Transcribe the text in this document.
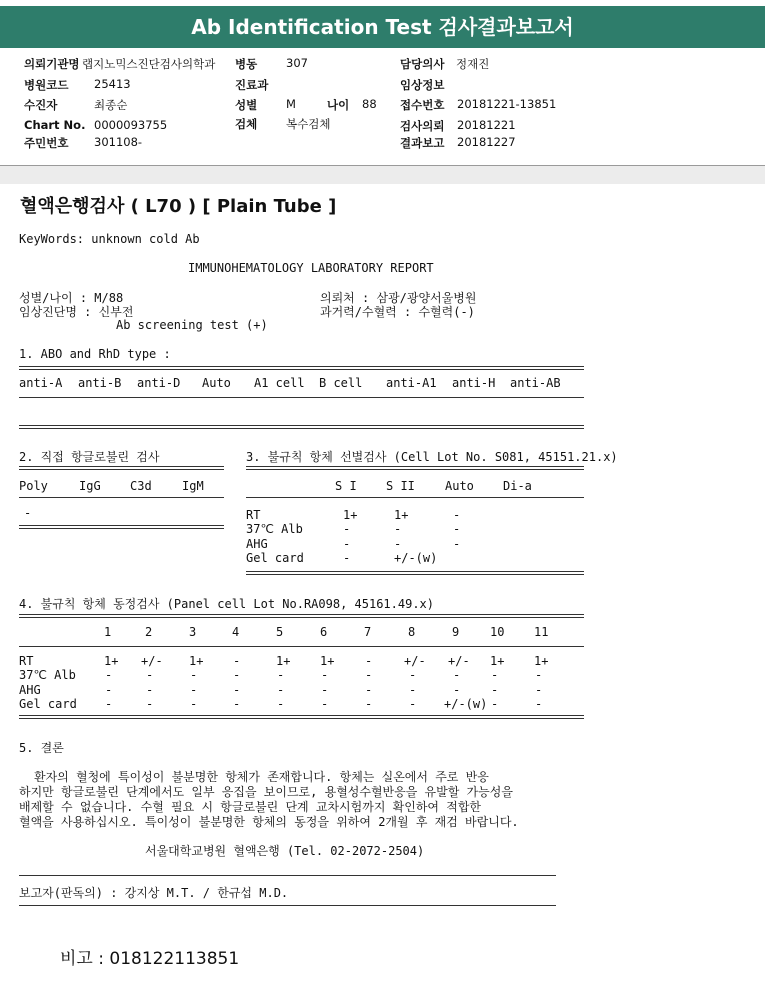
Ab Identification Test 검사결과보고서
의뢰기관명 랩지노믹스진단검사의학과 병동	307	담당의사 정재진
병원코드 25413	진료과	임상정보
수진자	최종순	성별	M	나이 88 접수번호 20181221-13851
Chart No. 0000093755	검체	복수검체	검사의뢰 20181221
주민번호 301108-	결과보고 20181227
혈액은행검사 ( L70 ) [ Plain Tube ]
KeyWords: unknown cold Ab
IMMUNOHEMATOLOGY LABORATORY REPORT
성별/나이 : M/88
임상진단명 : 신부전
Ab screening test (+)
의뢰처 : 삼광/광양서울병원
과거력/수혈력 : 수혈력(-)
1. ABO and RhD type :
anti-A anti-B anti-D Auto A1 cell B cell anti-A1 anti-H anti-AB
2. 직접 항글로불린 검사
Poly	IgG C3d	IgM
-
3. 불규칙 항체 선별검사 (Cell Lot No. S081, 45151.21.x)
S I S II	Auto Di-a
RT	1+	1+	-
37℃ Alb	-	-	-
AHG	-	-	-
Gel card	-	+/-(w)
4. 불규칙 항체 동정검사 (Panel cell Lot No.RA098, 45161.49.x)
1	2	3	4	5	6	7	8	9	10 11
RT	1+ +/- 1+ -	1+ 1+	-	+/- +/- 1+ 1+
37℃ Alb -	-	-	-	-	-	-	-	-	-	-
AHG	-	-	-	-	-	-	-	-	-	-	-
Gel card -	-	-	-	-	-	-	- +/-(w) -	-
5. 결론
환자의 혈청에 특이성이 불분명한 항체가 존재합니다. 항체는 실온에서 주로 반응
하지만 항글로불린 단계에서도 일부 응집을 보이므로, 용혈성수혈반응을 유발할 가능성을
배제할 수 없습니다. 수혈 필요 시 항글로불린 단계 교차시험까지 확인하여 적합한
혈액을 사용하십시오. 특이성이 불분명한 항체의 동정을 위하여 2개월 후 재검 바랍니다.
서울대학교병원 혈액은행 (Tel. 02-2072-2504)
보고자(판독의) : 강지상 M.T. / 한규섭 M.D.
비고 : 018122113851
